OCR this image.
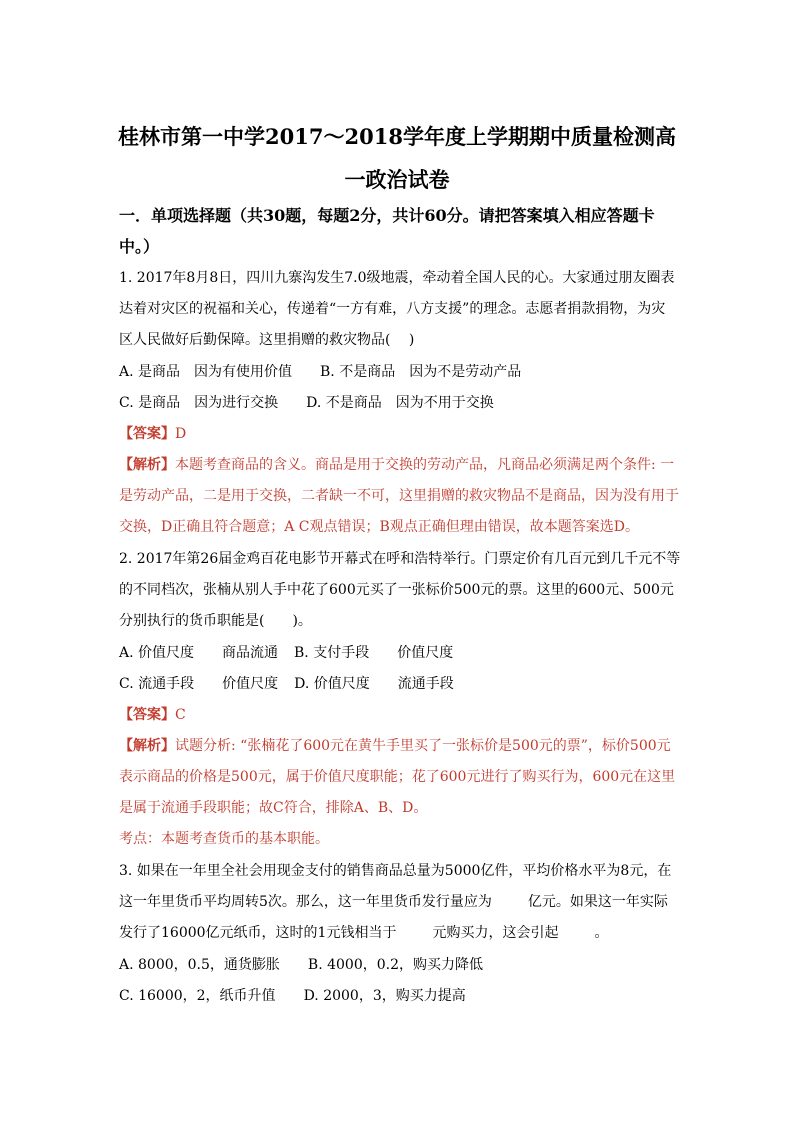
桂林市第一中学2017～2018学年度上学期期中质量检测高
一政治试卷

一．单项选择题（共30题，每题2分，共计60分。请把答案填入相应答题卡

中。）

1. 2017年8月8日，四川九寨沟发生7.0级地震，牵动着全国人民的心。大家通过朋友圈表

达着对灾区的祝福和关心，传递着“一方有难，八方支援”的理念。志愿者捐款捐物，为灾

区人民做好后勤保障。这里捐赠的救灾物品(　 )

A. 是商品　因为有使用价值 B. 不是商品　因为不是劳动产品

C. 是商品　因为进行交换 D. 不是商品　因为不用于交换

【答案】D

【解析】本题考查商品的含义。商品是用于交换的劳动产品，凡商品必须满足两个条件: 一

是劳动产品，二是用于交换，二者缺一不可，这里捐赠的救灾物品不是商品，因为没有用于

交换，D正确且符合题意；A C观点错误；B观点正确但理由错误，故本题答案选D。

2. 2017年第26届金鸡百花电影节开幕式在呼和浩特举行。门票定价有几百元到几千元不等

的不同档次，张楠从别人手中花了600元买了一张标价500元的票。这里的600元、500元

分别执行的货币职能是(　　)。

A. 价值尺度　　商品流通 B. 支付手段　　价值尺度

C. 流通手段　　价值尺度 D. 价值尺度　　流通手段

【答案】C

【解析】试题分析: “张楠花了600元在黄牛手里买了一张标价是500元的票”，标价500元

表示商品的价格是500元，属于价值尺度职能；花了600元进行了购买行为，600元在这里

是属于流通手段职能；故C符合，排除A、B、D。

考点：本题考查货币的基本职能。

3. 如果在一年里全社会用现金支付的销售商品总量为5000亿件，平均价格水平为8元，在

这一年里货币平均周转5次。那么，这一年里货币发行量应为	亿元。如果这一年实际

发行了16000亿元纸币，这时的1元钱相当于	元购买力，这会引起	。

A. 8000，0.5，通货膨胀 B. 4000，0.2，购买力降低

C. 16000，2，纸币升值 D. 2000，3，购买力提高
